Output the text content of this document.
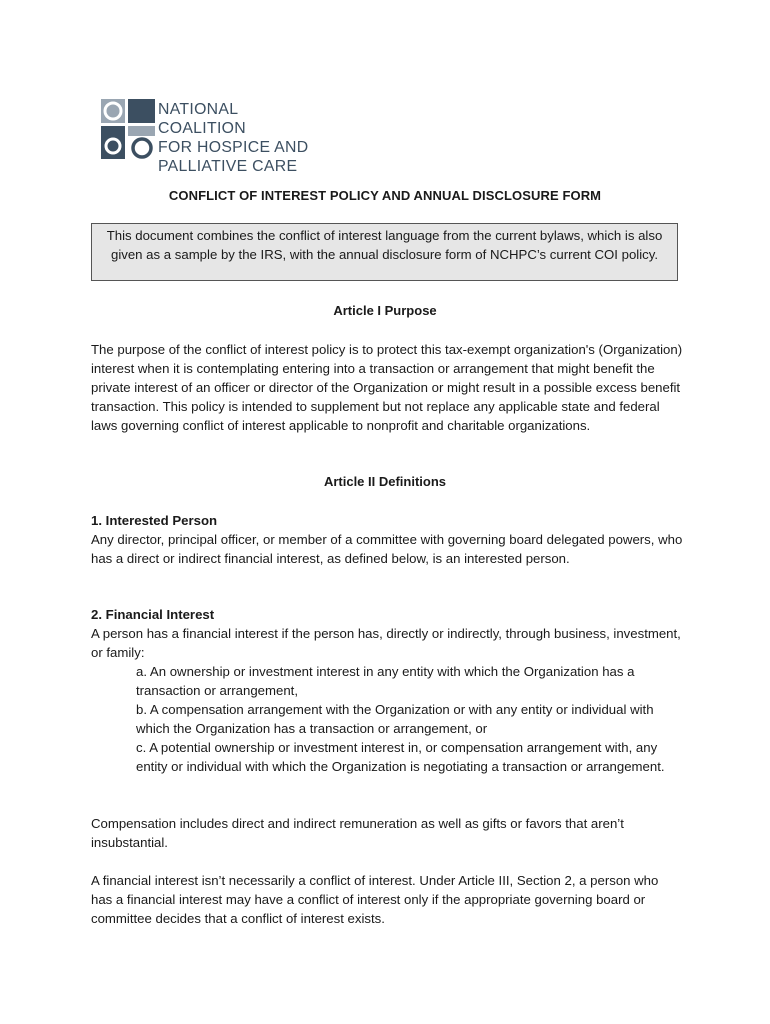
NATIONAL COALITION
FOR HOSPICE AND
PALLIATIVE CARE
CONFLICT OF INTEREST POLICY AND ANNUAL DISCLOSURE FORM
This document combines the conflict of interest language from the current bylaws, which is also given as a sample by the IRS, with the annual disclosure form of NCHPC’s current COI policy.
Article I Purpose
The purpose of the conflict of interest policy is to protect this tax-exempt organization's (Organization) interest when it is contemplating entering into a transaction or arrangement that might benefit the private interest of an officer or director of the Organization or might result in a possible excess benefit transaction. This policy is intended to supplement but not replace any applicable state and federal laws governing conflict of interest applicable to nonprofit and charitable organizations.
Article II Definitions
1. Interested Person
Any director, principal officer, or member of a committee with governing board delegated powers, who has a direct or indirect financial interest, as defined below, is an interested person.
2. Financial Interest
A person has a financial interest if the person has, directly or indirectly, through business, investment, or family:
a. An ownership or investment interest in any entity with which the Organization has a transaction or arrangement,
b. A compensation arrangement with the Organization or with any entity or individual with which the Organization has a transaction or arrangement, or
c. A potential ownership or investment interest in, or compensation arrangement with, any entity or individual with which the Organization is negotiating a transaction or arrangement.
Compensation includes direct and indirect remuneration as well as gifts or favors that aren’t insubstantial.
A financial interest isn’t necessarily a conflict of interest. Under Article III, Section 2, a person who has a financial interest may have a conflict of interest only if the appropriate governing board or committee decides that a conflict of interest exists.
